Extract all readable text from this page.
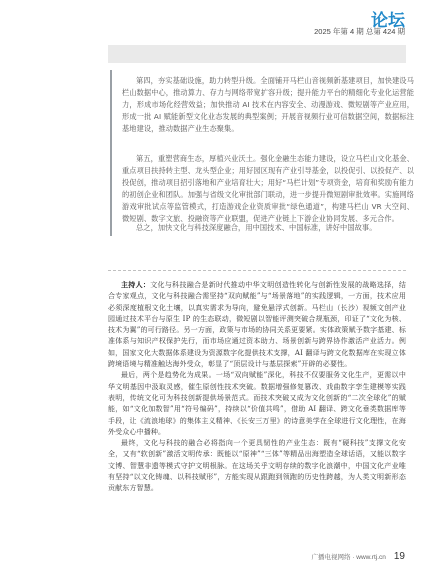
论坛
2025 年第 4 期 总第 424 期

第四，夯实基础设施，助力转型升级。全面铺开马栏山音视频新基建项目，加快建设马栏山数据中心，推动算力、存力与网络带宽扩容升级；提升能力平台的精细化专业化运营能力，形成市场化经营效益；加快推动 AI 技术在内容安全、动漫游戏、微短剧等产业应用，形成一批 AI 赋能新型文化业态发展的典型案例；开展音视频行业可信数据空间，数据标注基地建设，推动数据产业生态聚集。

第五，重塑营商生态，厚植兴业沃土。强化金融生态能力建设，设立马栏山文化基金、重点项目扶持转主型、龙头型企业；用好园区现有产业引导基金，以投促引、以投促产、以投促创，推动项目招引落地和产业培育壮大；用好“马栏计划”专项资金，培育和奖励有能力的初创企业和团队。加强与省级文化审批部门联动，进一步提升微短剧审批效率。实施网络游戏审批试点等监管模式，打造游戏企业资质审批“绿色通道”，构建马栏山 VR 大空间、微短剧、数字文旅、投融资等产业联盟，促进产业链上下游企业协同发展、多元合作。

总之，加快文化与科技深度融合，用中国技术、中国标准，讲好中国故事。

主持人：文化与科技融合是新时代推动中华文明创造性转化与创新性发展的战略选择，结合专家观点，文化与科技融合需坚持“双向赋能”与“场景落地”的实践逻辑，一方面，技术应用必须深度植根文化土壤，以真实需求为导向，避免悬浮式创新。马栏山（长沙）视频文创产业园通过技术平台与原生 IP 的生态联动，微短剧以智能评测突破合规瓶颈，印证了“文化为核、技术为翼”的可行路径。另一方面，政策与市场的协同关系更要紧。实体政策赋予数字基建、标准体系与知识产权保护先行，而市场应通过资本助力、场景创新与跨界协作激活产业活力。例如，国家文化大数据体系建设为资源数字化提供技术支撑，AI 翻译与跨文化数据库在实现立体跨境语境与精准触达海外受众，彰显了“顶层设计与基层探索”开辟的必要性。

最后，两个是趋势化为成果。一场“双向赋能”深化，科技不仅要服务文化生产，更需以中华文明基因中汲取灵感，催生原创性技术突破。数据增强修复篡改、戏曲数字孪生建模等实践表明，传统文化可为科技创新提供场景范式。而技术突破又成为文化创新的“二次全球化”的赋能，如“文化加数智”用“符号编码”，持续以“价值共鸣”，借助 AI 翻译、跨文化垂类数据库等手段，让《流浪地球》的集体主义精神、《长安三万里》的诗意美学在全球进行文化理性，在海外受众心中播种。

最终，文化与科技的融合必将指向一个更具韧性的产业生态：既有“硬科技”支撑文化安全，又有“软创新”激活文明传承：既能以“原神”“三体”等精品出海塑造全球话语，又能以数字文博、智慧非遗等模式守护文明根脉。在这场关乎文明存续的数字化浪潮中，中国文化产业唯有坚持“以文化铸魂、以科技赋形”，方能实现从跟跑到领跑的历史性跨越，为人类文明新形态贡献东方智慧。

广播电视网络 · www.rtj.cn 19
